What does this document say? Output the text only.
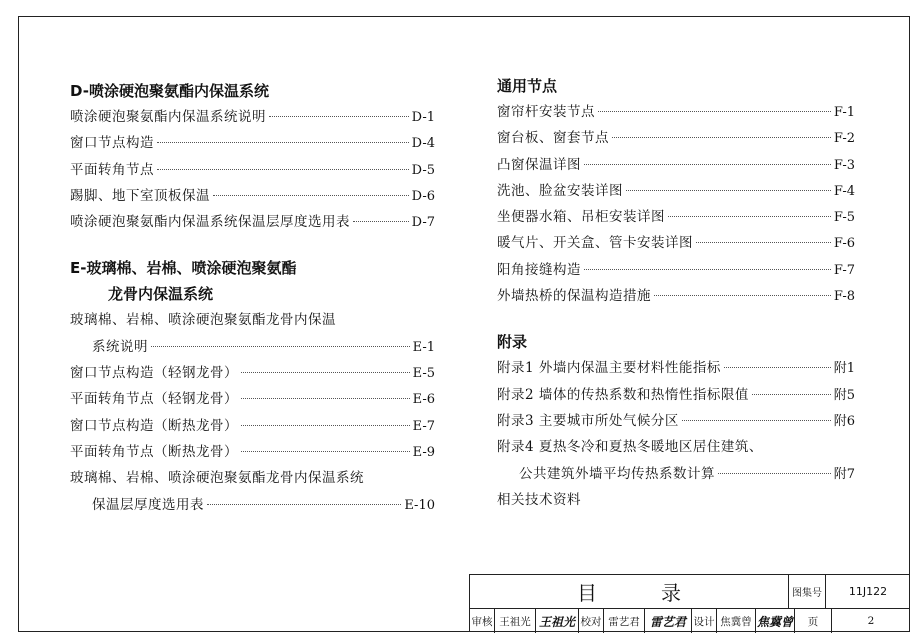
D-喷涂硬泡聚氨酯内保温系统
喷涂硬泡聚氨酯内保温系统说明	D-1
窗口节点构造	D-4
平面转角节点	D-5
踢脚、地下室顶板保温	D-6
喷涂硬泡聚氨酯内保温系统保温层厚度选用表	D-7
E-玻璃棉、岩棉、喷涂硬泡聚氨酯
龙骨内保温系统
玻璃棉、岩棉、喷涂硬泡聚氨酯龙骨内保温
系统说明	E-1
窗口节点构造（轻钢龙骨）	E-5
平面转角节点（轻钢龙骨）	E-6
窗口节点构造（断热龙骨）	E-7
平面转角节点（断热龙骨）	E-9
玻璃棉、岩棉、喷涂硬泡聚氨酯龙骨内保温系统
保温层厚度选用表	E-10
通用节点
窗帘杆安装节点	F-1
窗台板、窗套节点	F-2
凸窗保温详图	F-3
洗池、脸盆安装详图	F-4
坐便器水箱、吊柜安装详图	F-5
暖气片、开关盒、管卡安装详图	F-6
阳角接缝构造	F-7
外墙热桥的保温构造措施	F-8
附录
附录1 外墙内保温主要材料性能指标	附1
附录2 墙体的传热系数和热惰性指标限值	附5
附录3 主要城市所处气候分区	附6
附录4 夏热冬冷和夏热冬暖地区居住建筑、
公共建筑外墙平均传热系数计算	附7
相关技术资料
目	录	图集号	11J122
审核 王祖光 王祖光 校对 雷艺君 雷艺君 设计 焦冀曾 焦冀曾	页	2
